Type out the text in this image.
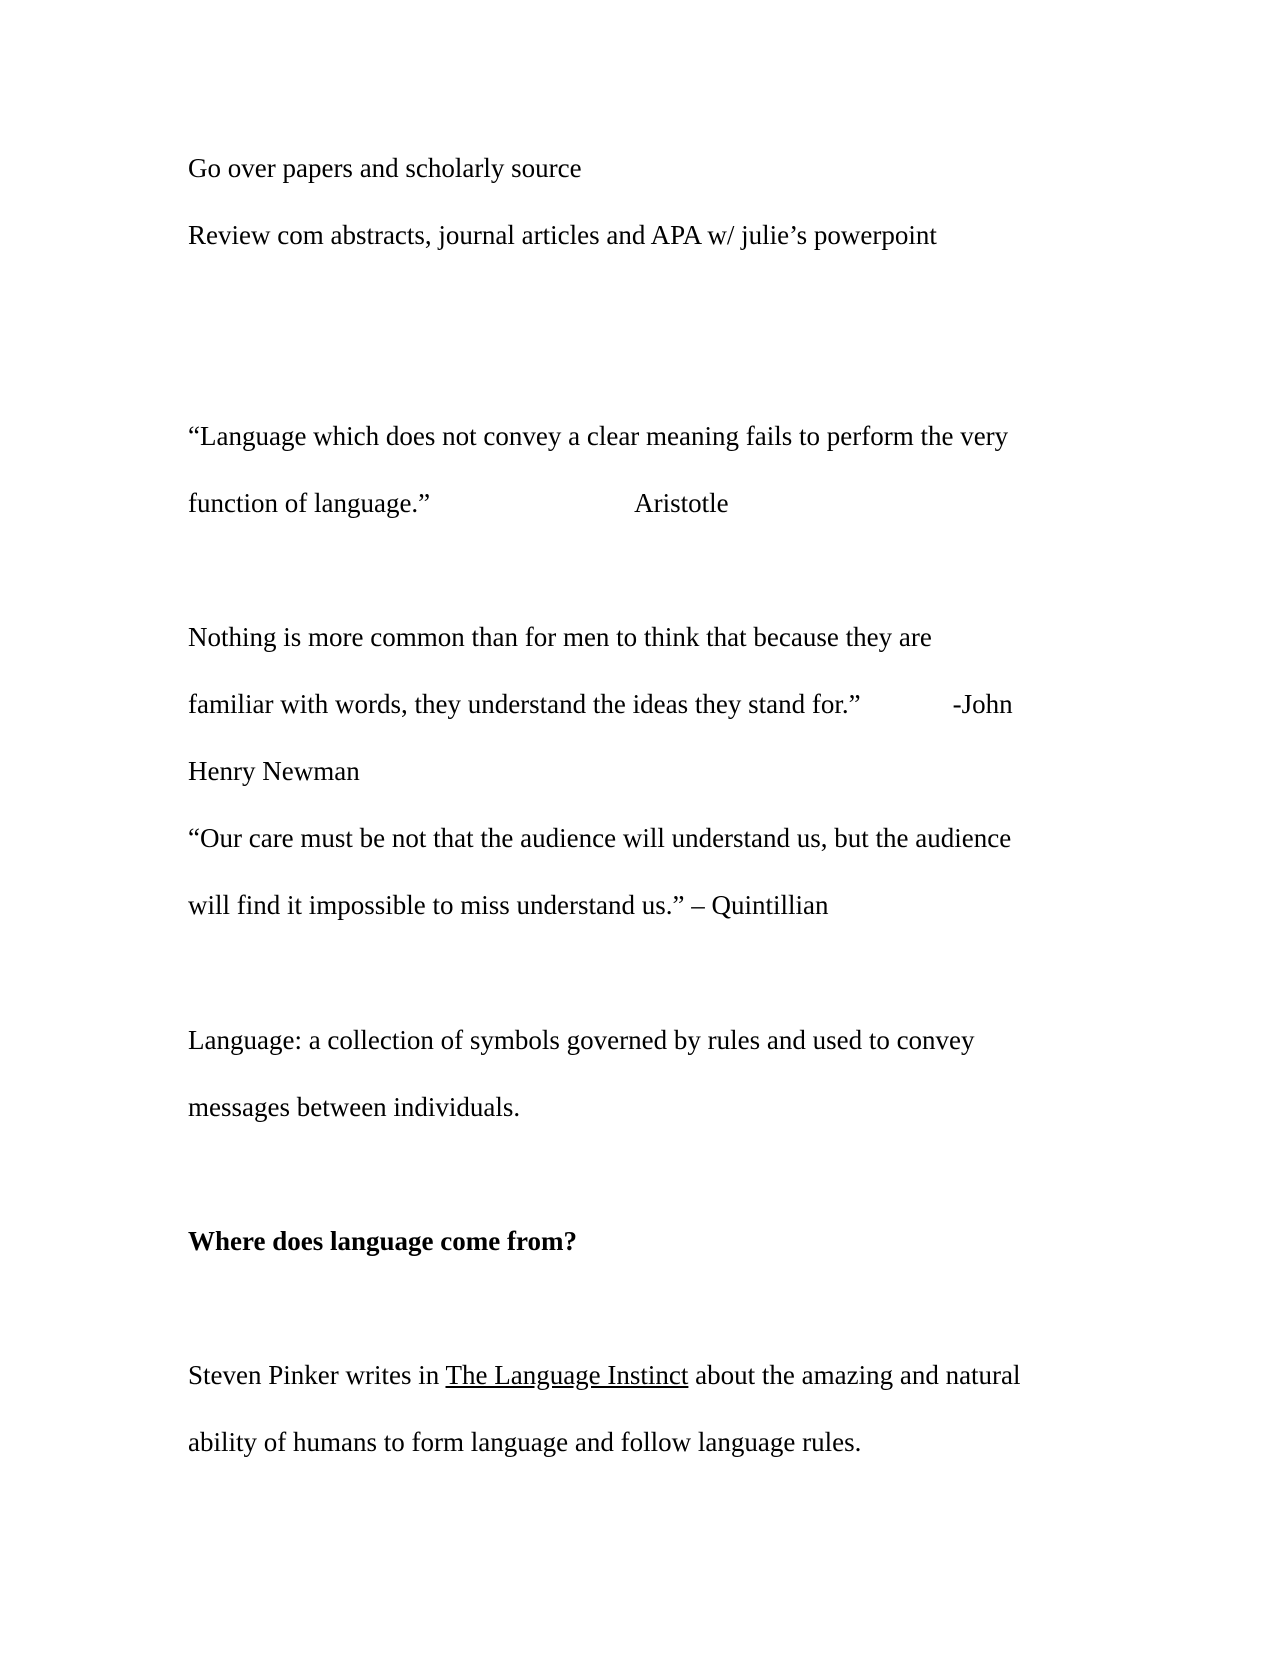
Go over papers and scholarly source
Review com abstracts, journal articles and APA w/ julie’s powerpoint
“Language which does not convey a clear meaning fails to perform the very
function of language.”	Aristotle
Nothing is more common than for men to think that because they are
familiar with words, they understand the ideas they stand for.”	-John
Henry Newman
“Our care must be not that the audience will understand us, but the audience
will find it impossible to miss understand us.” – Quintillian
Language: a collection of symbols governed by rules and used to convey
messages between individuals.
Where does language come from?
Steven Pinker writes in The Language Instinct about the amazing and natural
ability of humans to form language and follow language rules.
